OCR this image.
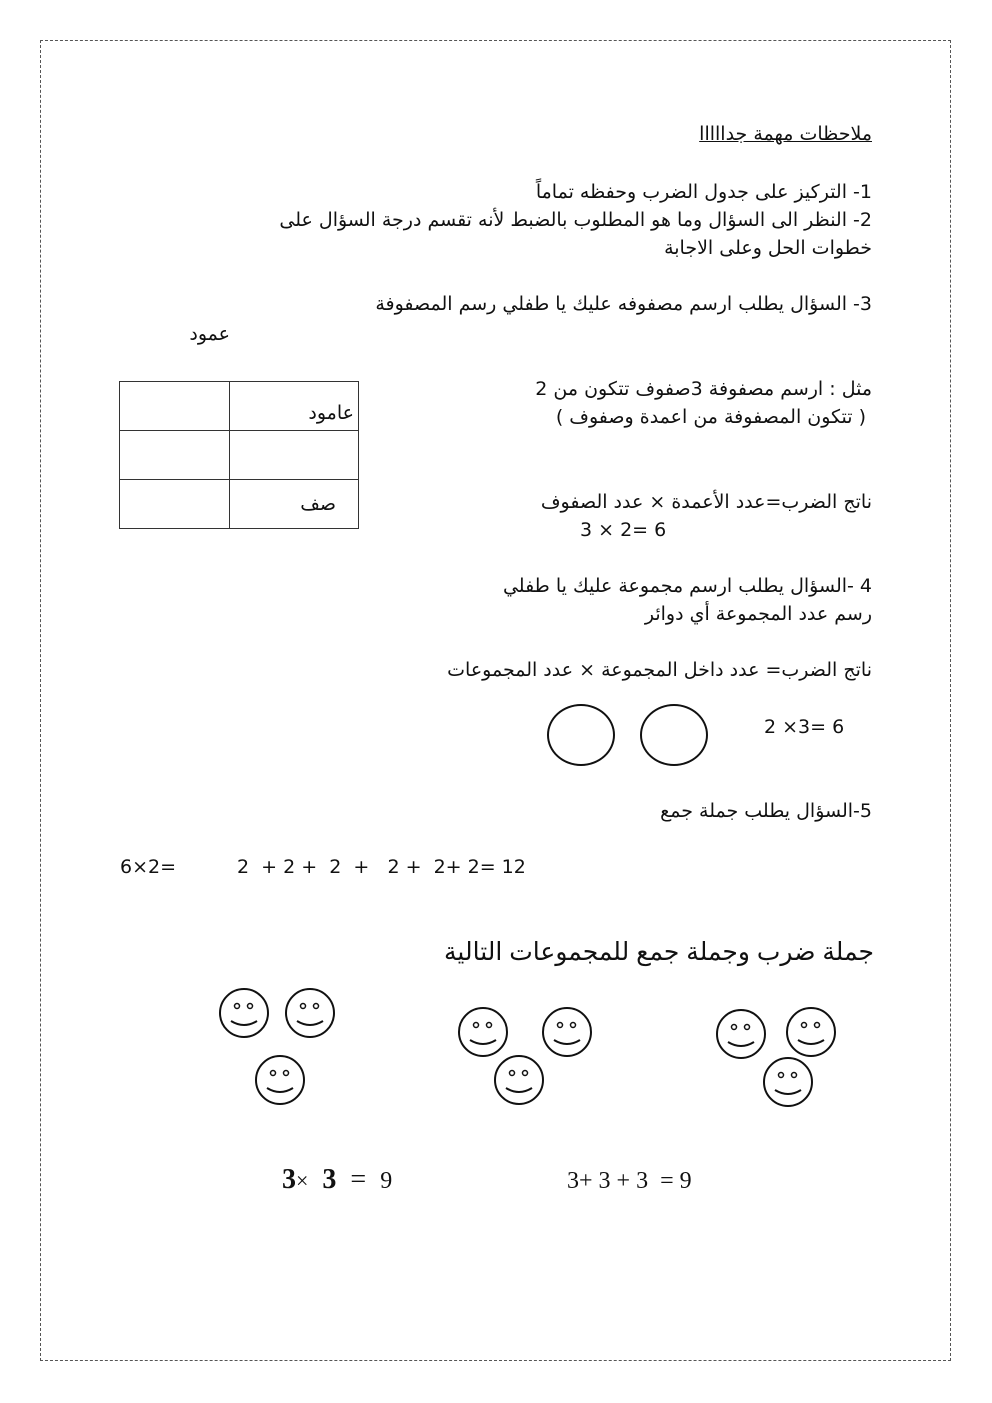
ملاحظات مهمة جدااااا
1- التركيز على جدول الضرب وحفظه تماماً
2- النظر الى السؤال وما هو المطلوب بالضبط لأنه تقسم درجة السؤال على
خطوات الحل وعلى الاجابة
3- السؤال يطلب ارسم مصفوفه عليك يا طفلي رسم المصفوفة
عمود
مثل : ارسم مصفوفة 3صفوف تتكون من 2
( تتكون المصفوفة من اعمدة وصفوف )
	عامود

	صف	ناتج الضرب=عدد الأعمدة × عدد الصفوف
3 × 2= 6
4 -السؤال يطلب ارسم مجموعة عليك يا طفلي
رسم عدد المجموعة أي دوائر
ناتج الضرب= عدد داخل المجموعة × عدد المجموعات
2 ×3= 6
5-السؤال يطلب جملة جمع
6×2=	2  + 2 +  2  +   2 +  2+ 2= 12
جملة ضرب وجملة جمع للمجموعات التالية
3× 3 = 9	3+ 3 + 3  = 9
